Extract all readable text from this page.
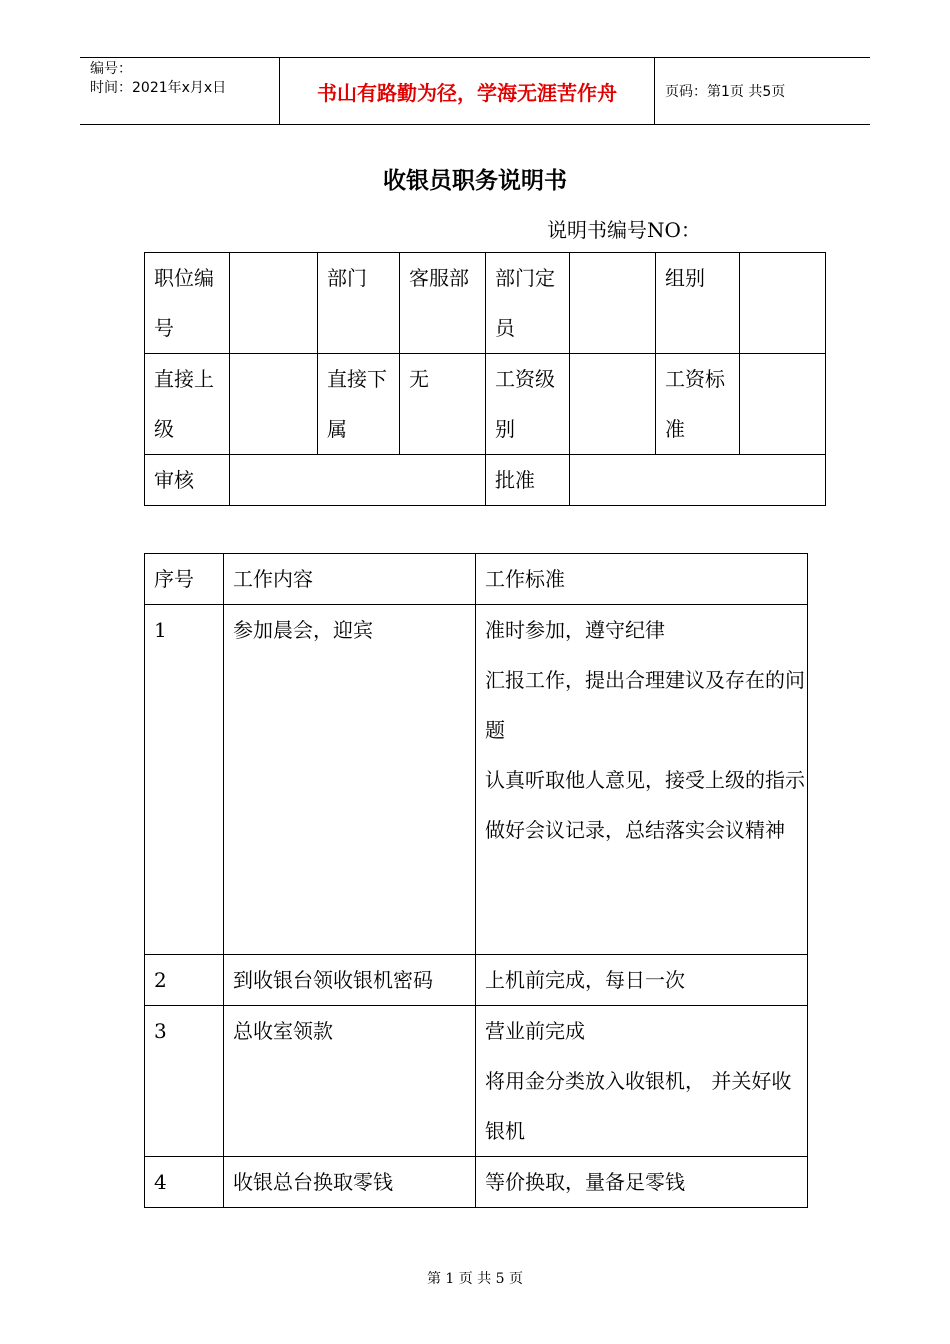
编号：
时间：2021年x月x日	书山有路勤为径，学海无涯苦作舟	页码：第1页 共5页
收银员职务说明书
说明书编号NO：
职位编号		部门	客服部	部门定员		组别	
直接上级		直接下属	无	工资级别		工资标准	
审核				批准			
序号	工作内容	工作标准
1	参加晨会，迎宾	准时参加，遵守纪律
汇报工作，提出合理建议及存在的问题
认真听取他人意见，接受上级的指示
做好会议记录，总结落实会议精神

2	到收银台领收银机密码	上机前完成，每日一次

3	总收室领款	营业前完成
将用金分类放入收银机， 并关好收银机

4	收银总台换取零钱	等价换取，量备足零钱
第 1 页 共 5 页
